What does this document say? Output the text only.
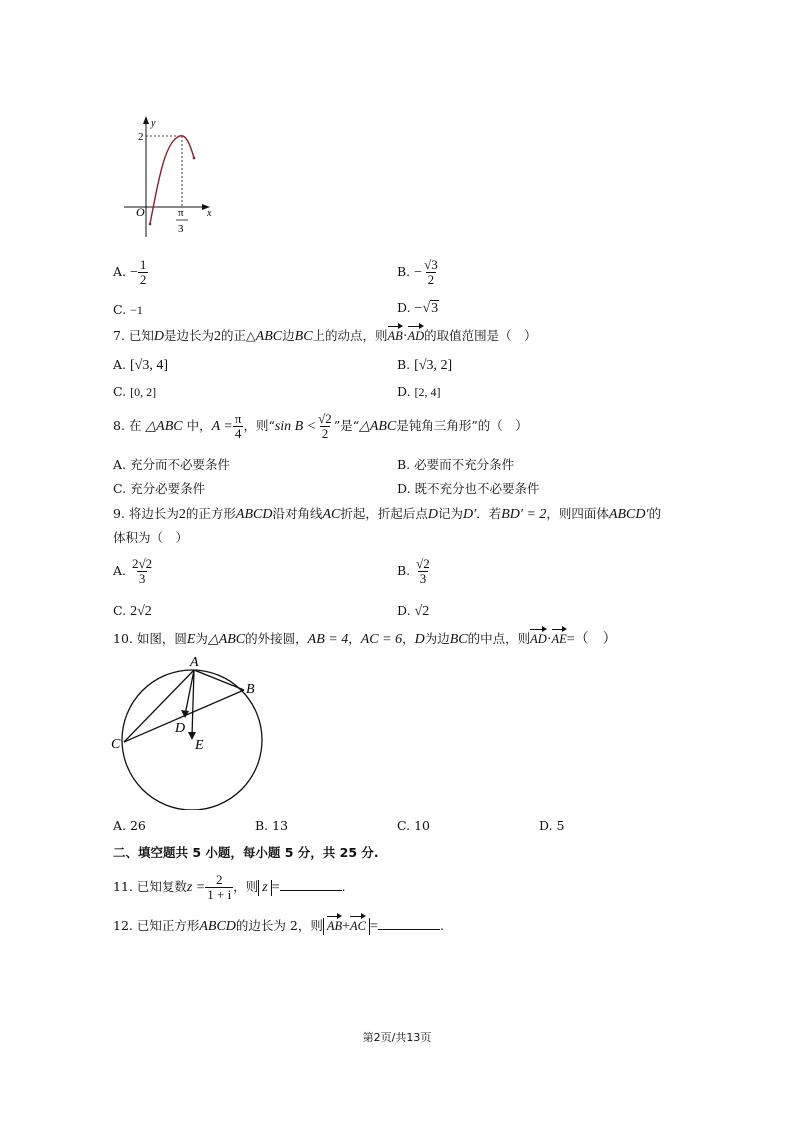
y
x
2
O	π
3
A. − $\frac{1}{2}$	B. − $\frac{√3}{2}$
C. −1	D. −√3
7. 已知D是边长为2的正△ABC边BC上的动点，则AB·AD的取值范围是（　）
A. [√3, 4]	B. [√3, 2]
C. [0, 2]	D. [2, 4]
8. 在 △ABC 中，$A = \frac{\pi}{4}$ ，则“sin $B < \frac{√2}{2}$ ”是“△ABC是钝角三角形”的（　）
A. 充分而不必要条件	B. 必要而不充分条件
C. 充分必要条件	D. 既不充分也不必要条件
9. 将边长为2的正方形ABCD沿对角线AC折起，折起后点D记为D′．若BD′ = 2，则四面体ABCD′的
体积为（　）
A. $\frac{2√2}{3}$	B. $\frac{√2}{3}$
C. 2√2	D. √2
10. 如图，圆E为△ABC的外接圆，AB = 4，AC = 6，D为边BC的中点，则AD·AE=（　）
A
B
C
D
E
A. 26	B. 13	C. 10	D. 5
二、填空题共 5 小题，每小题 5 分，共 25 分.
11. 已知复数$z = \frac{2}{1 + i}$ ，则 z =	.
12. 已知正方形ABCD的边长为 2，则 AB+AC =	.
第2页/共13页
